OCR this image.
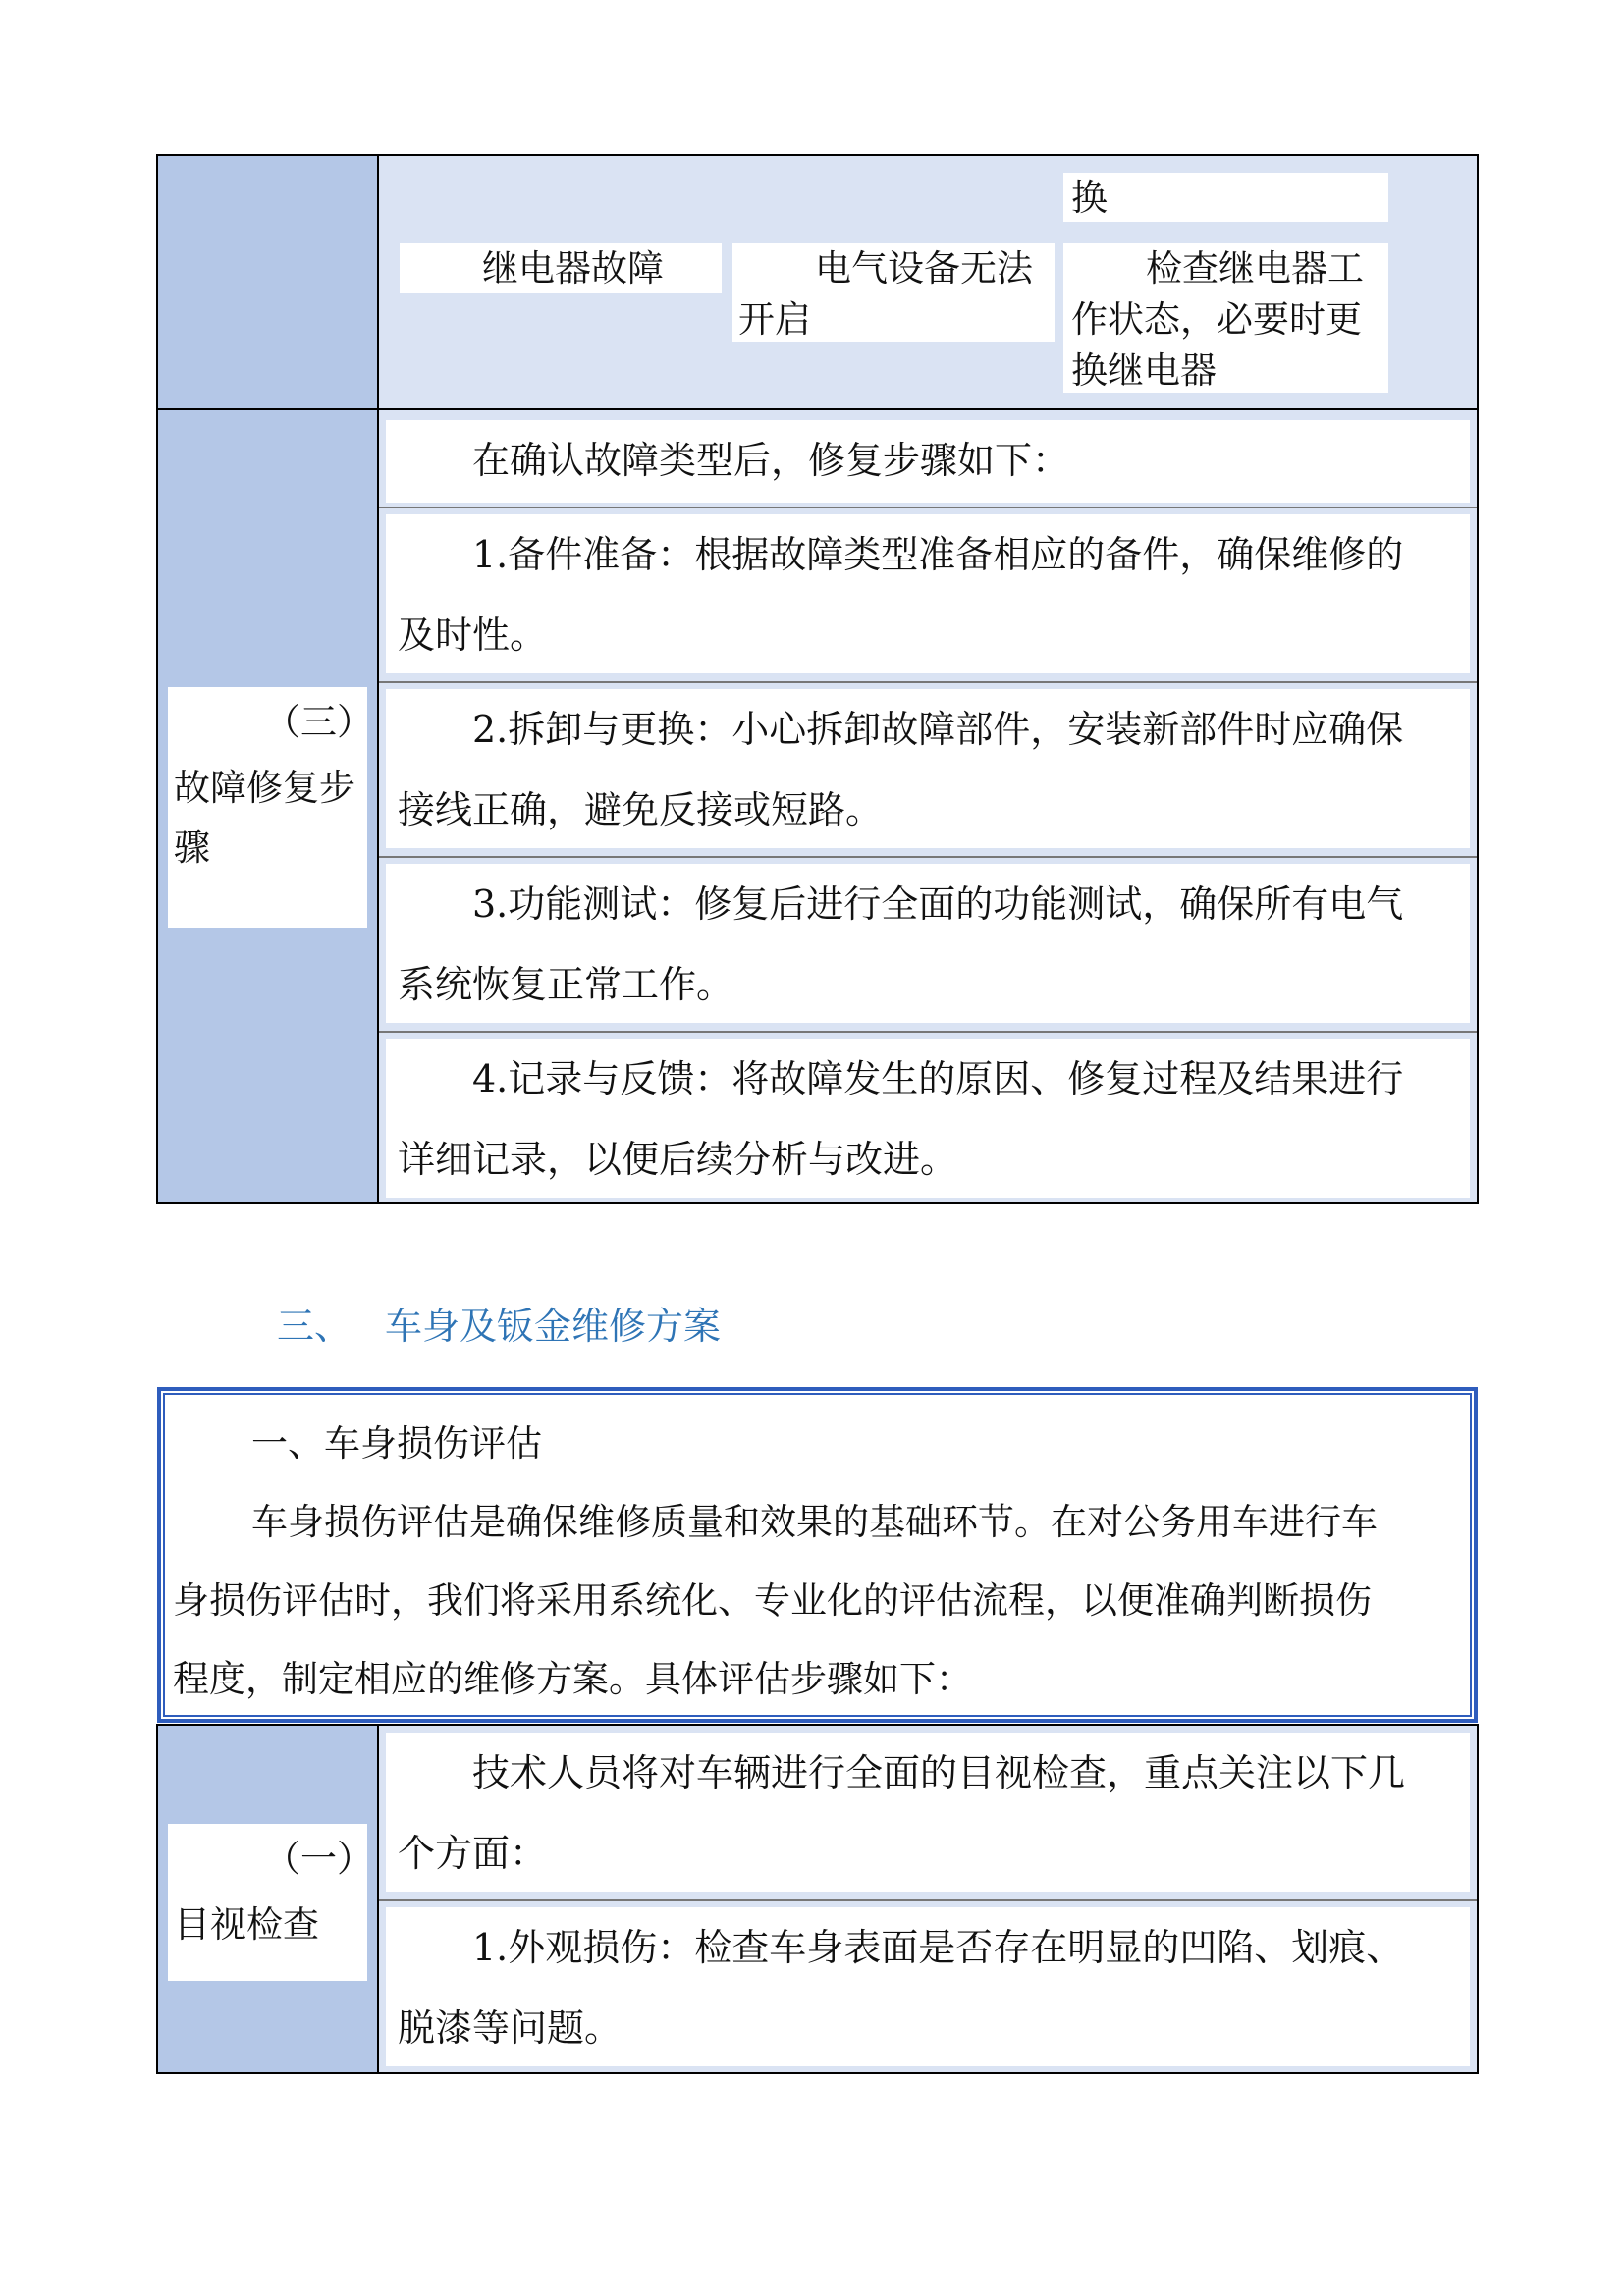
换
继电器故障	电气设备无法
开启
检查继电器工
作状态，必要时更
换继电器
（三）
故障修复步
骤
在确认故障类型后，修复步骤如下：
1.备件准备：根据故障类型准备相应的备件，确保维修的
及时性。
2.拆卸与更换：小心拆卸故障部件，安装新部件时应确保
接线正确，避免反接或短路。
3.功能测试：修复后进行全面的功能测试，确保所有电气
系统恢复正常工作。
4.记录与反馈：将故障发生的原因、修复过程及结果进行
详细记录，以便后续分析与改进。
三、 车身及钣金维修方案
一、车身损伤评估
车身损伤评估是确保维修质量和效果的基础环节。在对公务用车进行车
身损伤评估时，我们将采用系统化、专业化的评估流程，以便准确判断损伤
程度，制定相应的维修方案。具体评估步骤如下：
（一）
目视检查
技术人员将对车辆进行全面的目视检查，重点关注以下几
个方面：
1.外观损伤：检查车身表面是否存在明显的凹陷、划痕、
脱漆等问题。
